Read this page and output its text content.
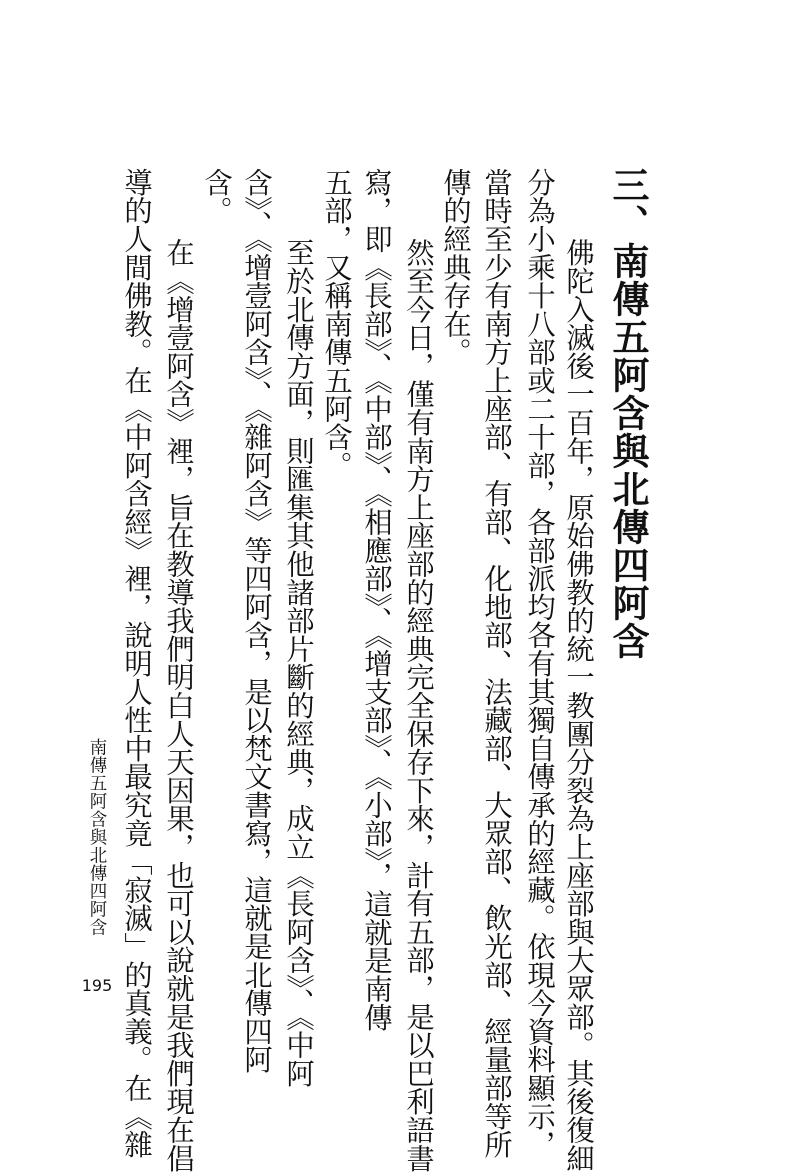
三、南傳五阿含與北傳四阿含
　佛陀入滅後一百年，原始佛教的統一教團分裂為上座部與大眾部。其後復細
分為小乘十八部或二十部，各部派均各有其獨自傳承的經藏。依現今資料顯示，
當時至少有南方上座部、有部、化地部、法藏部、大眾部、飲光部、經量部等所
傳的經典存在。
　然至今日，僅有南方上座部的經典完全保存下來，計有五部，是以巴利語書
寫，即《長部》、《中部》、《相應部》、《增支部》、《小部》，這就是南傳
五部，又稱南傳五阿含。
　至於北傳方面，則匯集其他諸部片斷的經典，成立《長阿含》、《中阿
含》、《增壹阿含》、《雜阿含》等四阿含，是以梵文書寫，這就是北傳四阿
含。
　在《增壹阿含》裡，旨在教導我們明白人天因果，也可以說就是我們現在倡
導的人間佛教。在《中阿含經》裡，說明人性中最究竟「寂滅」的真義。在《雜
南傳五阿含與北傳四阿含
195
